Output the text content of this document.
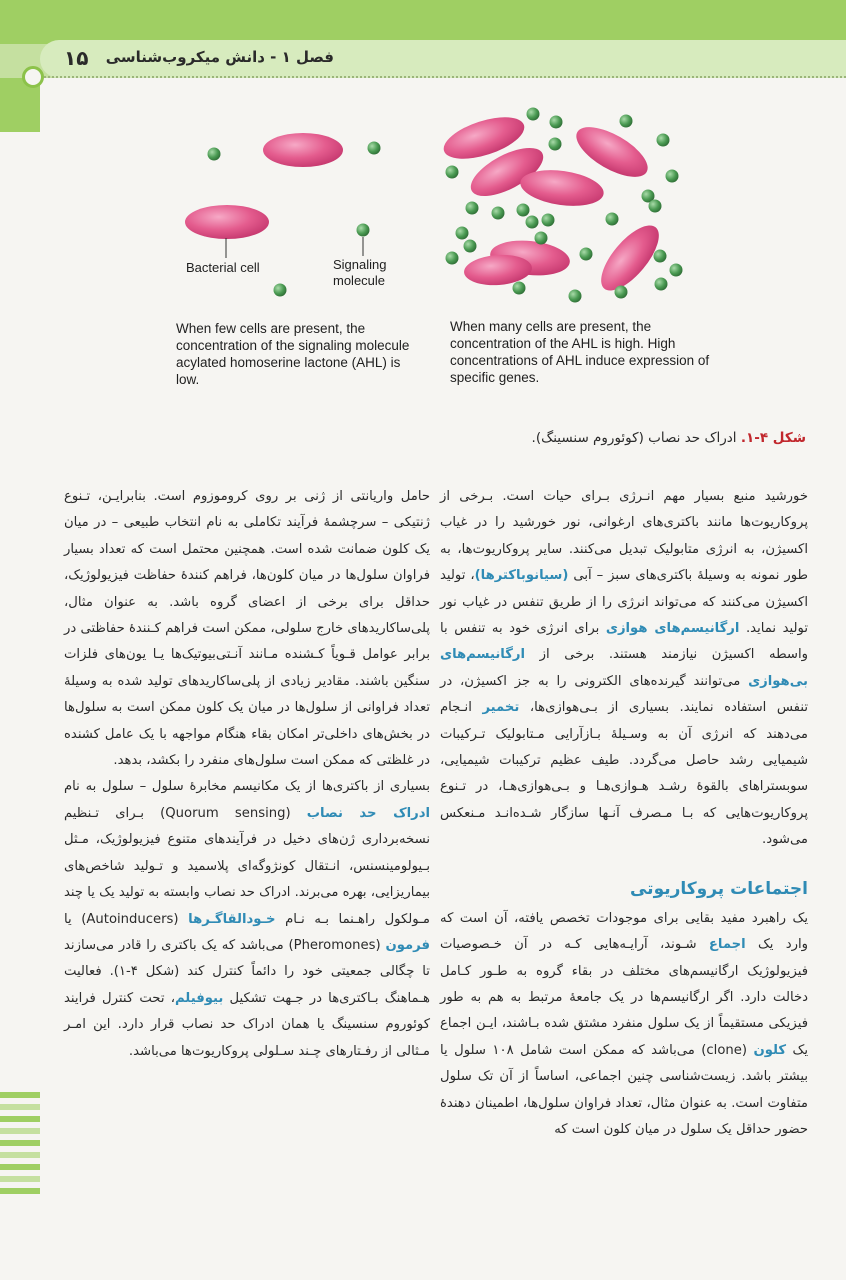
۱۵ فصل ۱ - دانش میکروب‌شناسی
Bacterial cell	Signaling molecule
When few cells are present, the concentration of the signaling molecule acylated homoserine lactone (AHL) is low.
When many cells are present, the concentration of the AHL is high. High concentrations of AHL induce expression of specific genes.
شکل ۴-۱. ادراک حد نصاب (کوئوروم سنسینگ).

خورشید منبع بسیار مهم انـرژی بـرای حیات است. بـرخی از پروکاریوت‌ها مانند باکتری‌های ارغوانی، نور خورشید را در غیاب اکسیژن، به انرژی متابولیک تبدیل می‌کنند. سایر پروکاریوت‌ها، به طور نمونه به وسیلهٔ باکتری‌های سبز – آبی (سیانوباکترها)، تولید اکسیژن می‌کنند که می‌تواند انرژی را از طریق تنفس در غیاب نور تولید نماید. ارگانیسم‌های هوازی برای انرژی خود به تنفس با واسطه اکسیژن نیازمند هستند. برخی از ارگانیسم‌های بی‌هوازی می‌توانند گیرنده‌های الکترونی را به جز اکسیژن، در تنفس استفاده نمایند. بسیاری از بـی‌هوازی‌ها، تخمیر انـجام می‌دهند که انرژی آن به وسـیلهٔ بـازآرایی مـتابولیک تـرکیبات شیمیایی رشد حاصل می‌گردد. طیف عظیم ترکیبات شیمیایی، سوبستراهای بالقوهٔ رشـد هـوازی‌هـا و بـی‌هوازی‌هـا، در تـنوع پروکاریوت‌هایی که بـا مـصرف آنـها سازگار شـده‌انـد مـنعکس می‌شود.

اجتماعات پروکاریوتی

یک راهبرد مفید بقایی برای موجودات تخصص یافته، آن است که وارد یک اجماع شـوند، آرایـه‌هایی کـه در آن خـصوصیات فیزیولوژیک ارگانیسم‌های مختلف در بقاء گروه به طـور کـامل دخالت دارد. اگر ارگانیسم‌ها در یک جامعهٔ مرتبط به هم به طور فیزیکی مستقیماً از یک سلول منفرد مشتق شده بـاشند، ایـن اجماع یک کلون (clone) می‌باشد که ممکن است شامل ۱۰۸ سلول یا بیشتر باشد. زیست‌شناسی چنین اجماعی، اساساً از آن تک سلول متفاوت است. به عنوان مثال، تعداد فراوان سلول‌ها، اطمینان دهندهٔ حضور حداقل یک سلول در میان کلون است که

حامل واریانتی از ژنی بر روی کروموزوم است. بنابرایـن، تـنوع ژنتیکی – سرچشمهٔ فرآیند تکاملی به نام انتخاب طبیعی – در میان یک کلون ضمانت شده است. همچنین محتمل است که تعداد بسیار فراوان سلول‌ها در میان کلون‌ها، فراهم کنندهٔ حفاظت فیزیولوژیک، حداقل برای برخی از اعضای گروه باشد. به عنوان مثال، پلی‌ساکاریدهای خارج سلولی، ممکن است فراهم کـنندهٔ حفاظتی در برابر عوامل قـویاً کـشنده مـانند آنـتی‌بیوتیک‌ها یـا یون‌های فلزات سنگین باشند. مقادیر زیادی از پلی‌ساکاریدهای تولید شده به وسیلهٔ تعداد فراوانی از سلول‌ها در میان یک کلون ممکن است به سلول‌ها در بخش‌های داخلی‌تر امکان بقاء هنگام مواجهه با یک عامل کشنده در غلظتی که ممکن است سلول‌های منفرد را بکشد، بدهد.

بسیاری از باکتری‌ها از یک مکانیسم مخابرهٔ سلول – سلول به نام ادراک حد نصاب (Quorum sensing) بـرای تـنظیم نسخه‌برداری ژن‌های دخیل در فرآیندهای متنوع فیزیولوژیک، مـثل بـیولومینسنس، انـتقال کونژوگه‌ای پلاسمید و تـولید شاخص‌های بیماریزایی، بهره می‌برند. ادراک حد نصاب وابسته به تولید یک یا چند مـولکول راهـنما بـه نـام خـودالقاگـرها (Autoinducers) یا فرمون (Pheromones) می‌باشد که یک باکتری را قادر می‌سازند تا چگالی جمعیتی خود را دائماً کنترل کند (شکل ۴-۱). فعالیت هـماهنگ بـاکتری‌ها در جـهت تشکیل بیوفیلم، تحت کنترل فرایند کوئوروم سنسینگ یا همان ادراک حد نصاب قرار دارد. این امـر مـثالی از رفـتارهای چـند سـلولی پروکاریوت‌ها می‌باشد.
